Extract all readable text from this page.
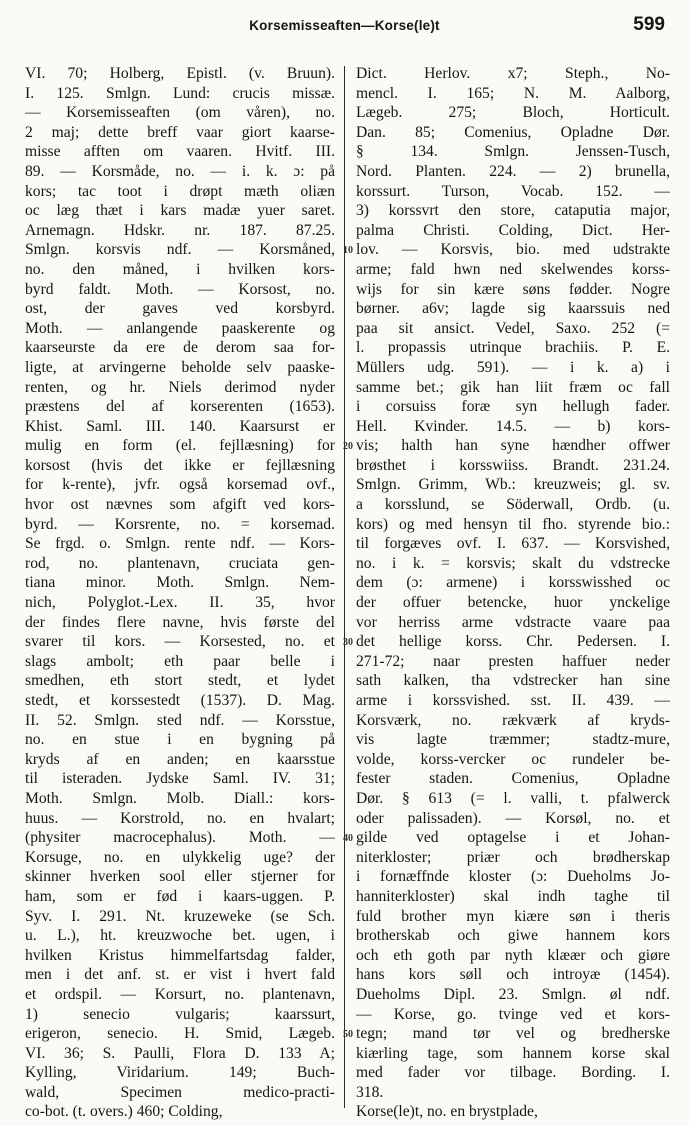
Korsemisseaften—Korse(le)t	599
VI. 70; Holberg, Epistl. (v. Bruun).
I. 125. Smlgn. Lund: crucis missæ.
— Korsemisseaften (om våren), no.
2 maj; dette breff vaar giort kaarse-
misse afften om vaaren. Hvitf. III.
89. — Korsmåde, no. — i. k. ɔ: på
kors; tac toot i drøpt mæth oliæn
oc læg thæt i kars madæ yuer saret.
Arnemagn. Hdskr. nr. 187. 87.25.
Smlgn. korsvis ndf. — Korsmåned,
no. den måned, i hvilken kors-
byrd faldt. Moth. — Korsost, no.
ost, der gaves ved korsbyrd.
Moth. — anlangende paaskerente og
kaarseurste da ere de derom saa for-
ligte, at arvingerne beholde selv paaske-
renten, og hr. Niels derimod nyder
præstens del af korserenten (1653).
Khist. Saml. III. 140. Kaarsurst er
mulig en form (el. fejllæsning) for
korsost (hvis det ikke er fejllæsning
for k-rente), jvfr. også korsemad ovf.,
hvor ost nævnes som afgift ved kors-
byrd. — Korsrente, no. = korsemad.
Se frgd. o. Smlgn. rente ndf. — Kors-
rod, no. plantenavn, cruciata gen-
tiana minor. Moth. Smlgn. Nem-
nich, Polyglot.-Lex. II. 35, hvor
der findes flere navne, hvis første del
svarer til kors. — Korsested, no. et
slags ambolt; eth paar belle i
smedhen, eth stort stedt, et lydet
stedt, et korssestedt (1537). D. Mag.
II. 52. Smlgn. sted ndf. — Korsstue,
no. en stue i en bygning på
kryds af en anden; en kaarsstue
til isteraden. Jydske Saml. IV. 31;
Moth. Smlgn. Molb. Diall.: kors-
huus. — Korstrold, no. en hvalart;
(physiter macrocephalus). Moth. —
Korsuge, no. en ulykkelig uge? der
skinner hverken sool eller stjerner for
ham, som er fød i kaars-uggen. P.
Syv. I. 291. Nt. kruzeweke (se Sch.
u. L.), ht. kreuzwoche bet. ugen, i
hvilken Kristus himmelfartsdag falder,
men i det anf. st. er vist i hvert fald
et ordspil. — Korsurt, no. plantenavn,
1) senecio vulgaris; kaarssurt,
erigeron, senecio. H. Smid, Lægeb.
VI. 36; S. Paulli, Flora D. 133 A;
Kylling, Viridarium. 149; Buch-
wald, Specimen medico-practi-
co-bot. (t. overs.) 460; Colding,
Dict. Herlov. x7; Steph., No-
mencl. I. 165; N. M. Aalborg,
Lægeb. 275; Bloch, Horticult.
Dan. 85; Comenius, Opladne Dør.
§ 134. Smlgn. Jenssen-Tusch,
Nord. Planten. 224. — 2) brunella,
korssurt. Turson, Vocab. 152. —
3) korssvrt den store, cataputia major,
palma Christi. Colding, Dict. Her-
lov. — Korsvis, bio. med udstrakte
arme; fald hwn ned skelwendes korss-
wijs for sin kære søns fødder. Nogre
børner. a6v; lagde sig kaarssuis ned
paa sit ansict. Vedel, Saxo. 252 (=
l. propassis utrinque brachiis. P. E.
Müllers udg. 591). — i k. a) i
samme bet.; gik han liit fræm oc fall
i corsuiss foræ syn hellugh fader.
Hell. Kvinder. 14.5. — b) kors-
vis; halth han syne hændher offwer
brøsthet i korsswiiss. Brandt. 231.24.
Smlgn. Grimm, Wb.: kreuzweis; gl. sv.
a korsslund, se Söderwall, Ordb. (u.
kors) og med hensyn til fho. styrende bio.:
til forgæves ovf. I. 637. — Korsvished,
no. i k. = korsvis; skalt du vdstrecke
dem (ɔ: armene) i korsswisshed oc
der offuer betencke, huor ynckelige
vor herriss arme vdstracte vaare paa
det hellige korss. Chr. Pedersen. I.
271-72; naar presten haffuer neder
sath kalken, tha vdstrecker han sine
arme i korssvished. sst. II. 439. —
Korsværk, no. rækværk af kryds-
vis lagte træmmer; stadtz-mure,
volde, korss-vercker oc rundeler be-
fester staden. Comenius, Opladne
Dør. § 613 (= l. valli, t. pfalwerck
oder palissaden). — Korsøl, no. et
gilde ved optagelse i et Johan-
niterkloster; priær och brødherskap
i fornæffnde kloster (ɔ: Dueholms Jo-
hanniterkloster) skal indh taghe til
fuld brother myn kiære søn i theris
brotherskab och giwe hannem kors
och eth goth par nyth klæær och giøre
hans kors søll och introyæ (1454).
Dueholms Dipl. 23. Smlgn. øl ndf.
— Korse, go. tvinge ved et kors-
tegn; mand tør vel og bredherske
kiærling tage, som hannem korse skal
med fader vor tilbage. Bording. I.
318.
Korse(le)t, no. en brystplade,
10
20
30
40
50
